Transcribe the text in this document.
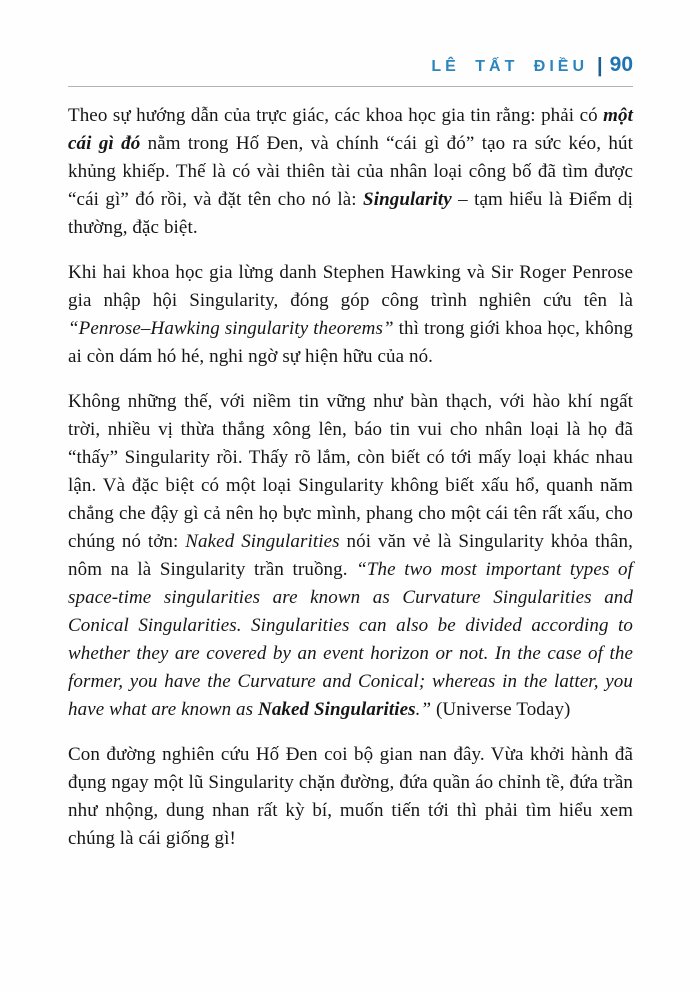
LÊ TẤT ĐIỀU | 90

Theo sự hướng dẫn của trực giác, các khoa học gia tin rằng: phải có một cái gì đó nằm trong Hố Đen, và chính “cái gì đó” tạo ra sức kéo, hút khủng khiếp. Thế là có vài thiên tài của nhân loại công bố đã tìm được “cái gì” đó rồi, và đặt tên cho nó là: Singularity – tạm hiểu là Điểm dị thường, đặc biệt.

Khi hai khoa học gia lừng danh Stephen Hawking và Sir Roger Penrose gia nhập hội Singularity, đóng góp công trình nghiên cứu tên là “Penrose–Hawking singularity theorems” thì trong giới khoa học, không ai còn dám hó hé, nghi ngờ sự hiện hữu của nó.

Không những thế, với niềm tin vững như bàn thạch, với hào khí ngất trời, nhiều vị thừa thắng xông lên, báo tin vui cho nhân loại là họ đã “thấy” Singularity rồi. Thấy rõ lắm, còn biết có tới mấy loại khác nhau lận. Và đặc biệt có một loại Singularity không biết xấu hổ, quanh năm chẳng che đậy gì cả nên họ bực mình, phang cho một cái tên rất xấu, cho chúng nó tởn: Naked Singularities nói văn vẻ là Singularity khỏa thân, nôm na là Singularity trần truồng. “The two most important types of space-time singularities are known as Curvature Singularities and Conical Singularities. Singularities can also be divided according to whether they are covered by an event horizon or not. In the case of the former, you have the Curvature and Conical; whereas in the latter, you have what are known as Naked Singularities.” (Universe Today)

Con đường nghiên cứu Hố Đen coi bộ gian nan đây. Vừa khởi hành đã đụng ngay một lũ Singularity chặn đường, đứa quần áo chỉnh tề, đứa trần như nhộng, dung nhan rất kỳ bí, muốn tiến tới thì phải tìm hiểu xem chúng là cái giống gì!
